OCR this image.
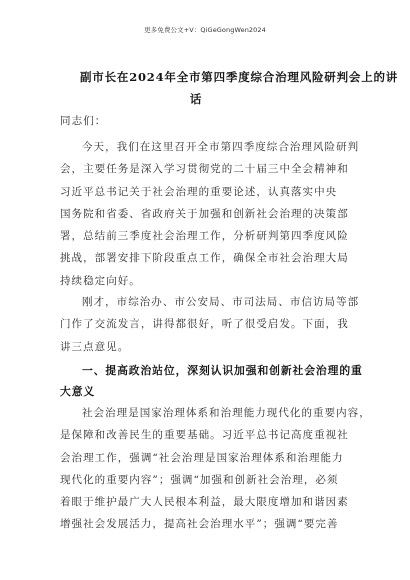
更多免费公文+V：QiGeGongWen2024
副市长在2024年全市第四季度综合治理风险研判会上的讲
话
同志们：
今天，我们在这里召开全市第四季度综合治理风险研判
会，主要任务是深入学习贯彻党的二十届三中全会精神和
习近平总书记关于社会治理的重要论述，认真落实中央
国务院和省委、省政府关于加强和创新社会治理的决策部
署，总结前三季度社会治理工作，分析研判第四季度风险
挑战，部署安排下阶段重点工作，确保全市社会治理大局
持续稳定向好。
刚才，市综治办、市公安局、市司法局、市信访局等部
门作了交流发言，讲得都很好，听了很受启发。下面，我
讲三点意见。
一、提高政治站位，深刻认识加强和创新社会治理的重
大意义
社会治理是国家治理体系和治理能力现代化的重要内容，
是保障和改善民生的重要基础。习近平总书记高度重视社
会治理工作，强调“社会治理是国家治理体系和治理能力
现代化的重要内容”；强调“加强和创新社会治理，必须
着眼于维护最广大人民根本利益，最大限度增加和谐因素
增强社会发展活力，提高社会治理水平”；强调“要完善
